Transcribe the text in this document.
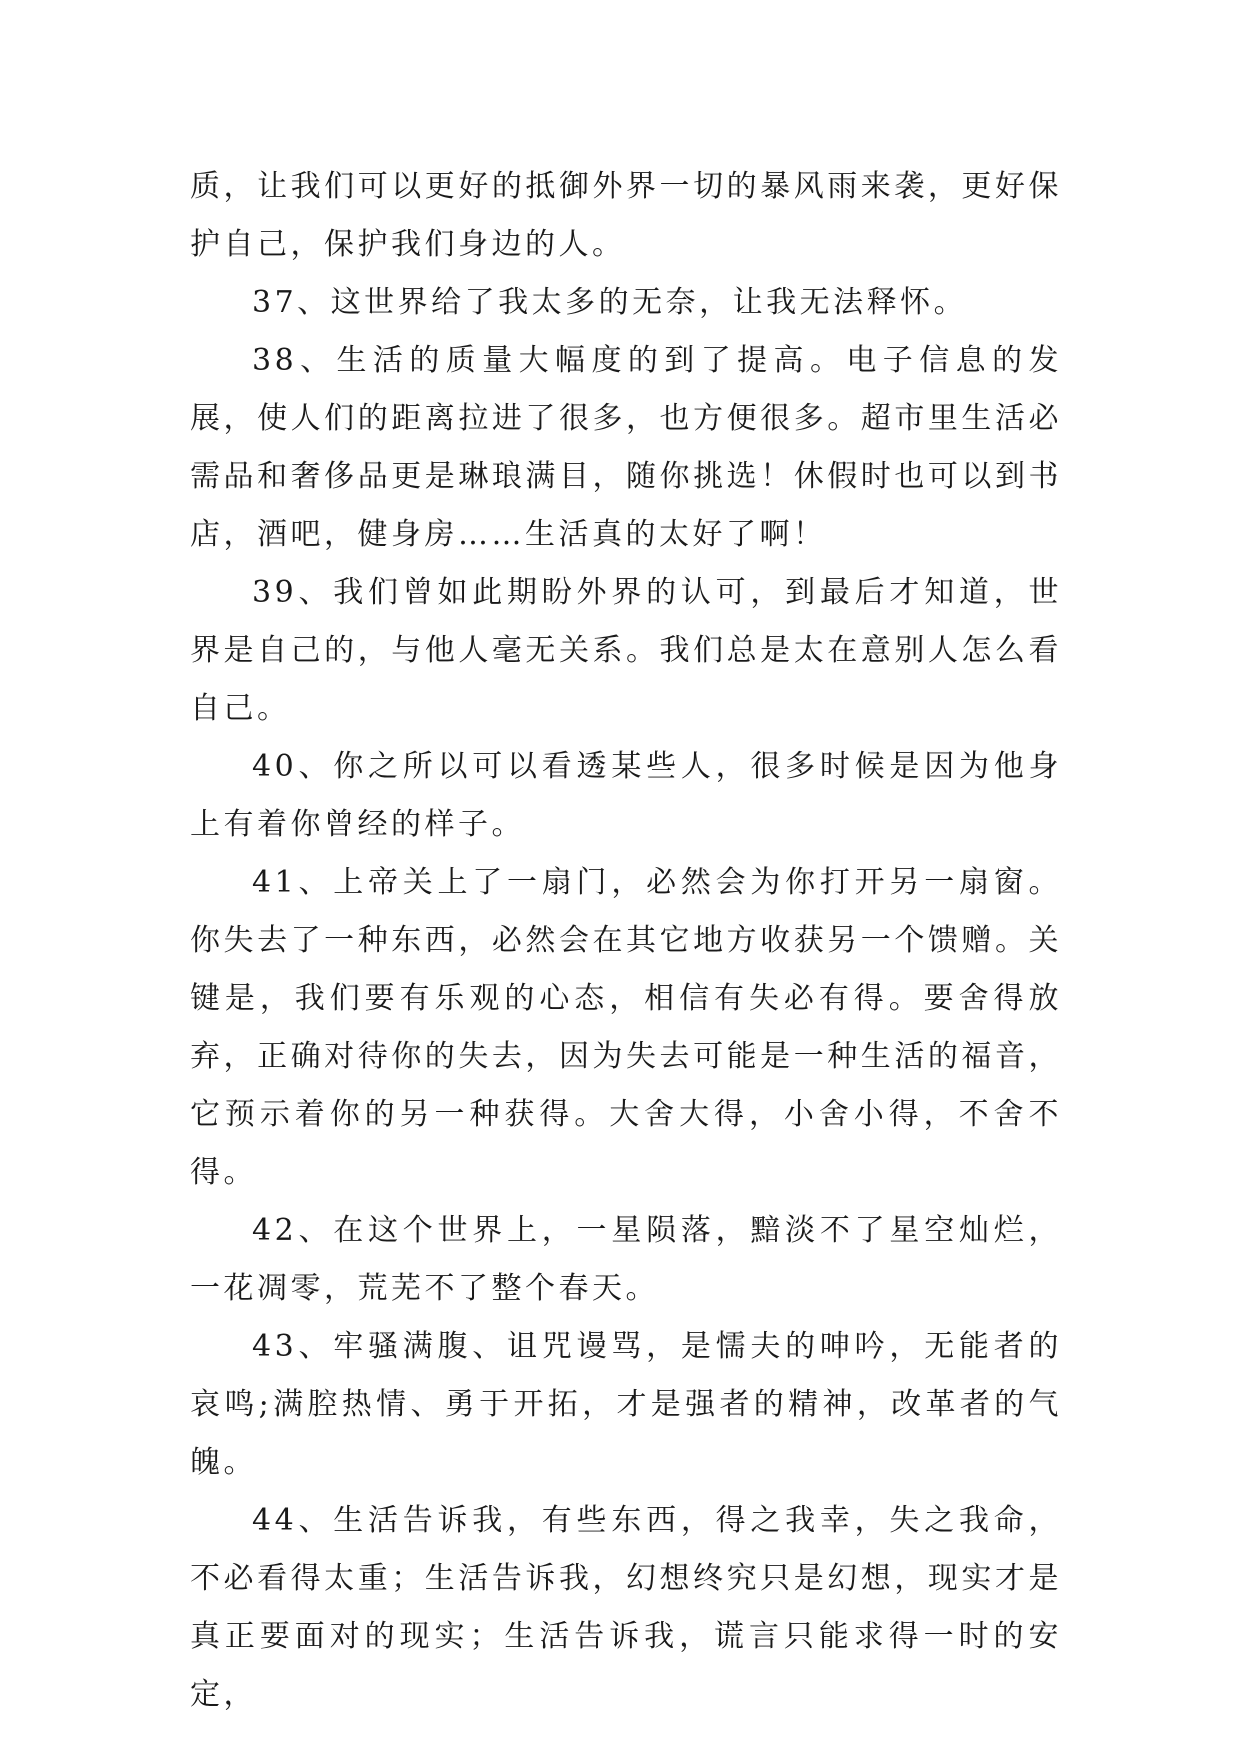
质，让我们可以更好的抵御外界一切的暴风雨来袭，更好保护自己，保护我们身边的人。

37、这世界给了我太多的无奈，让我无法释怀。

38、生活的质量大幅度的到了提高。电子信息的发展，使人们的距离拉进了很多，也方便很多。超市里生活必需品和奢侈品更是琳琅满目，随你挑选！休假时也可以到书店，酒吧，健身房……生活真的太好了啊！

39、我们曾如此期盼外界的认可，到最后才知道，世界是自己的，与他人毫无关系。我们总是太在意别人怎么看自己。

40、你之所以可以看透某些人，很多时候是因为他身上有着你曾经的样子。

41、上帝关上了一扇门，必然会为你打开另一扇窗。你失去了一种东西，必然会在其它地方收获另一个馈赠。关键是，我们要有乐观的心态，相信有失必有得。要舍得放弃，正确对待你的失去，因为失去可能是一种生活的福音，它预示着你的另一种获得。大舍大得，小舍小得，不舍不得。

42、在这个世界上，一星陨落，黯淡不了星空灿烂，一花凋零，荒芜不了整个春天。

43、牢骚满腹、诅咒谩骂，是懦夫的呻吟，无能者的哀鸣;满腔热情、勇于开拓，才是强者的精神，改革者的气魄。

44、生活告诉我，有些东西，得之我幸，失之我命，不必看得太重；生活告诉我，幻想终究只是幻想，现实才是真正要面对的现实；生活告诉我，谎言只能求得一时的安定，
